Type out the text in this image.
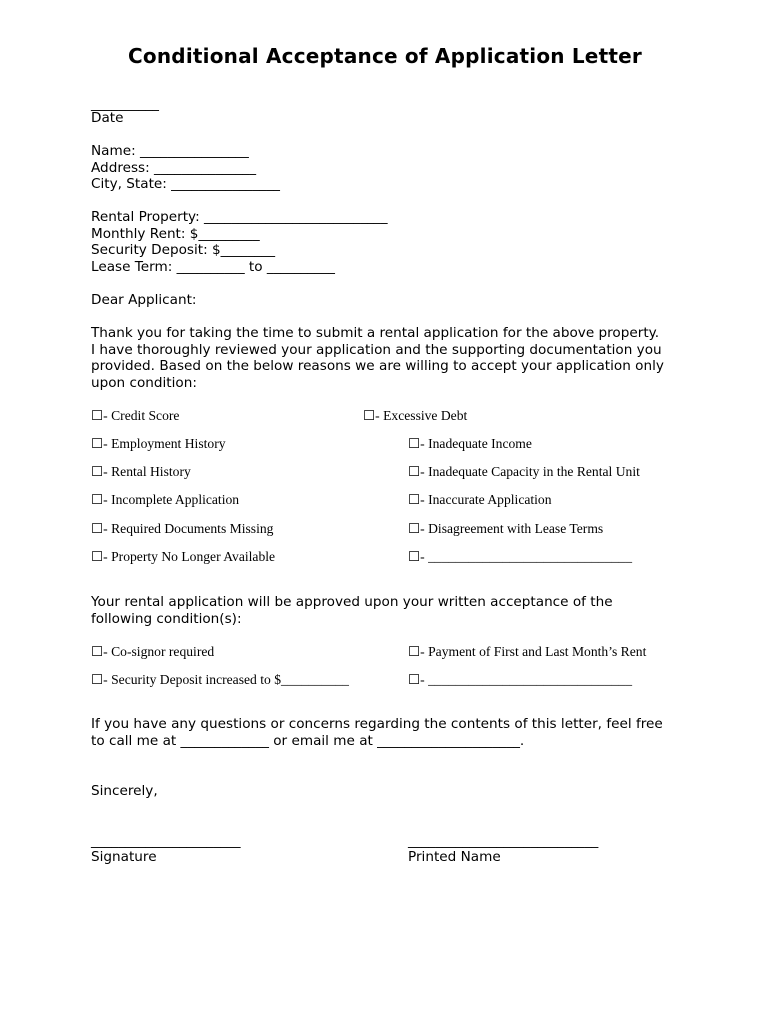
Conditional Acceptance of Application Letter
__________
Date
Name: ________________
Address: _______________
City, State: ________________
Rental Property: ___________________________
Monthly Rent: $_________
Security Deposit: $________
Lease Term: __________ to __________
Dear Applicant:
Thank you for taking the time to submit a rental application for the above property.
I have thoroughly reviewed your application and the supporting documentation you
provided. Based on the below reasons we are willing to accept your application only
upon condition:
☐- Credit Score
☐- Employment History
☐- Rental History
☐- Incomplete Application
☐- Required Documents Missing
☐- Property No Longer Available
☐- Excessive Debt
☐- Inadequate Income
☐- Inadequate Capacity in the Rental Unit
☐- Inaccurate Application
☐- Disagreement with Lease Terms
☐- ______________________________
Your rental application will be approved upon your written acceptance of the
following condition(s):
☐- Co-signor required
☐- Security Deposit increased to $__________
☐- Payment of First and Last Month’s Rent
☐- ______________________________
If you have any questions or concerns regarding the contents of this letter, feel free
to call me at _____________ or email me at _____________________.
Sincerely,
______________________
Signature
____________________________
Printed Name
